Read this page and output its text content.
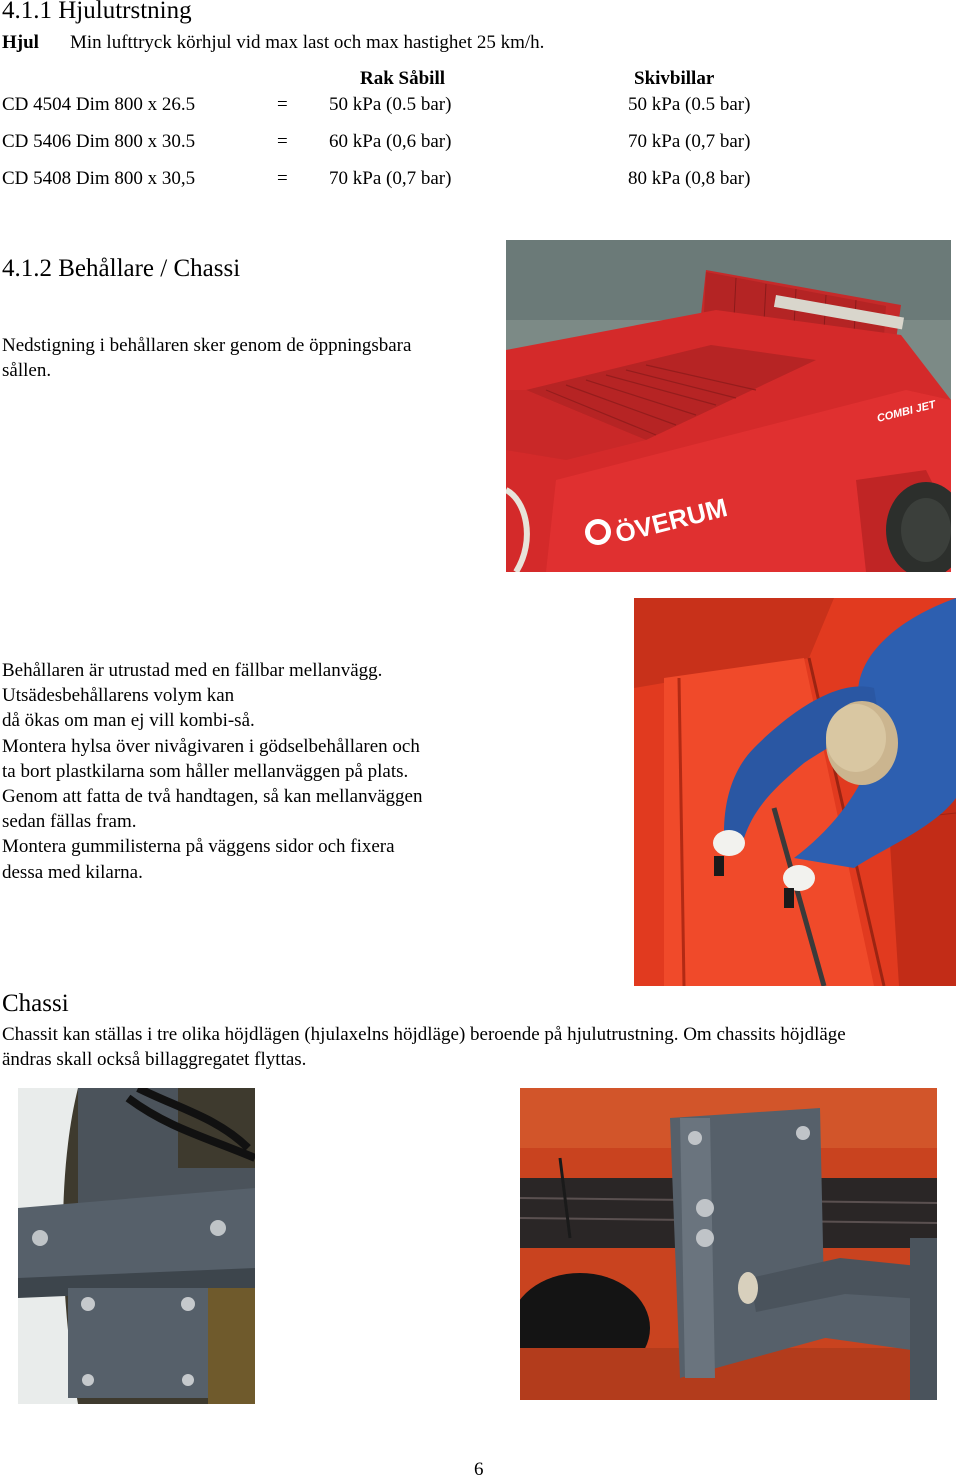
4.1.1 Hjulutrstning
Hjul Min lufttryck körhjul vid max last och max hastighet 25 km/h.
Rak Såbill	Skivbillar
CD 4504 Dim 800 x 26.5	= 50 kPa (0.5 bar)	50 kPa (0.5 bar)
CD 5406 Dim 800 x 30.5	= 60 kPa (0,6 bar)	70 kPa (0,7 bar)
CD 5408 Dim 800 x 30,5	= 70 kPa (0,7 bar)	80 kPa (0,8 bar)
4.1.2 Behållare / Chassi
Nedstigning i behållaren sker genom de öppningsbara
sållen.
ÖVERUM
COMBI JET
Behållaren är utrustad med en fällbar mellanvägg.
Utsädesbehållarens volym kan
då ökas om man ej vill kombi-så.
Montera hylsa över nivågivaren i gödselbehållaren och
ta bort plastkilarna som håller mellanväggen på plats.
Genom att fatta de två handtagen, så kan mellanväggen
sedan fällas fram.
Montera gummilisterna på väggens sidor och fixera
dessa med kilarna.
Chassi
Chassit kan ställas i tre olika höjdlägen (hjulaxelns höjdläge) beroende på hjulutrustning. Om chassits höjdläge
ändras skall också billaggregatet flyttas.
6
